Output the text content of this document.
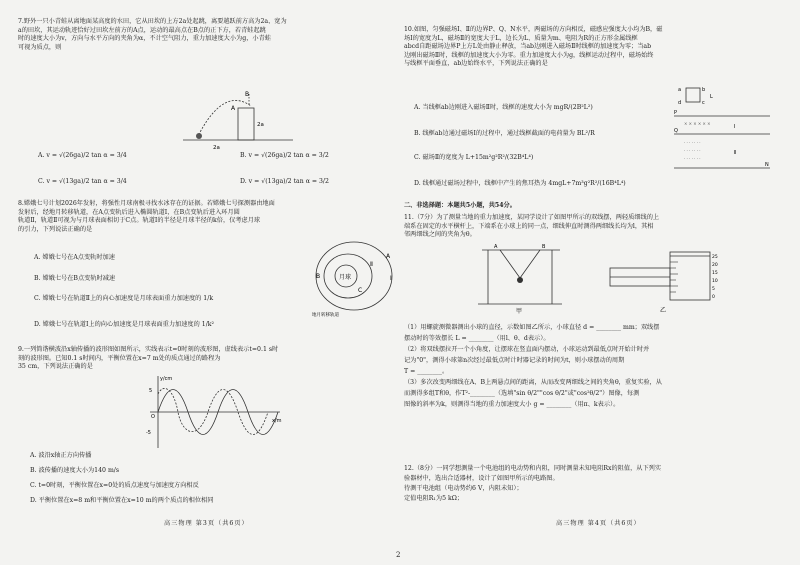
7.野外一只小青蛙从离地面某高度的水田，它从田坎的上方2a处起跳，离要越跃前方高为2a、宽为
a的田坎，其运动轨迹恰好过田坎左前方的A点，运动的最高点在B点的正下方，若青蛙起跳
时的速度大小为v，方向与水平方向的夹角为α，不计空气阻力，重力加速度大小为g，小青蛙
可视为质点，则
B
A
2a
2a
A. v = √(26ga)/2 tan α = 3/4	B. v = √(26ga)/2 tan α = 3/2
C. v = √(13ga)/2 tan α = 3/4	D. v = √(13ga)/2 tan α = 3/2
8.嫦娥七号计划2026年发射，将强性月球南极寻找水冰存在的证据。若嫦娥七号探测器由地面
发射后，经地月转移轨道，在A点变轨后进入椭圆轨道Ⅰ，在B点变轨后进入环月圆
轨道Ⅱ，轨道Ⅱ可视为与月球表面相切于C点。轨道Ⅰ的半径是月球半径的k倍，仅考虑月球
的引力，下列说法正确的是
月球
A
B
C
Ⅰ
Ⅱ
地月转移轨道
A. 嫦娥七号在A点变轨时加速
B. 嫦娥七号在B点变轨时减速
C. 嫦娥七号在轨道Ⅱ上的向心加速度是月球表面重力加速度的 1/k
D. 嫦娥七号在轨道Ⅰ上的向心加速度是月球表面重力加速度的 1/k²
9.一列简谐横波沿x轴传播的波形图如图所示，实线表示t=0时刻的波形图，虚线表示t=0.1 s时
刻的波形图。已知0.1 s时间内，平衡位置在x=7 m处的质点通过的路程为
35 cm，下列说法正确的是
y/cm
x/m
5
-5
O
A. 波沿x轴正方向传播
B. 波传播的速度大小为140 m/s
C. t=0时刻，平衡位置在x=0处的质点速度与加速度方向相反
D. 平衡位置在x=8 m和平衡位置在x=10 m的两个质点的相位相同
高三物理 第3页（共6页）
10.如图，匀强磁场Ⅰ、Ⅱ的边界P、Q、N水平，两磁场的方向相反，磁感应强度大小均为B，磁
场Ⅰ的宽度为L，磁场Ⅱ的宽度大于L，边长为L、质量为m、电阻为R的正方形金属线框
abcd自距磁场边界P上方L处由静止释放，当ab边刚进入磁场Ⅱ时线框的加速度为零；当ab
边刚出磁场Ⅱ时，线框的加速度大小为零。重力加速度大小为g，线框运动过程中，磁场始终
与线框平面垂直，ab边始终水平，下列说法正确的是
a	b
d	c
P
Q
N
Ⅰ
Ⅱ
L
× × × × × ×
· · · · · · ·
· · · · · · ·
· · · · · · ·
A. 当线框ab边刚进入磁场Ⅱ时，线框的速度大小为 mgR/(2B²L²)
B. 线框ab边通过磁场Ⅰ的过程中，通过线框截面的电荷量为 BL²/R
C. 磁场Ⅱ的宽度为 L+15m²g²R²/(32B⁴L⁴)
D. 线框通过磁场过程中，线框中产生的焦耳热为 4mgL+7m³g²R²/(16B⁴L⁴)
二、非选择题：本题共5小题，共54分。
11.（7分）为了测量当地的重力加速度，某同学设计了如图甲所示的双线摆，两轻质细线的上
端系在固定的水平横杆上，下端系在小球上的同一点，细线伸直时测得两细线长均为l，其相
邻两细线之间的夹角为θ。
A	B
甲
25
20
15
10
5
0
乙
（1）用螺旋测微器测出小球的直径，示数如图乙所示，小球直径 d = ________ mm；双线摆
摆动时的等效摆长 L = ________（用l、θ、d表示）。
（2）将双线摆拉开一个小角度，让摆球在竖直面内摆动，小球运动到最低点时开始计时并
记为"0"，测得小球第n次经过最低点时计时器记录的时间为t，则小球摆动的周期
T = ________。
（3）多次改变两细线在A、B上两悬点间的距离，从而改变两细线之间的夹角θ，重复实验，从
而测得多组T和θ，作T²-________（选填"sin θ/2""cos θ/2"或"cos²θ/2"）图像，每测
图像的斜率为k，则测得当地的重力加速度大小 g = ________（用π、k表示）。
12.（8分）一同学想测量一个电池组的电动势和内阻，同时测量未知电阻Rx的阻值，从下列实
验器材中，选出合适器材，设计了如图甲所示的电路图。
待测干电池组（电动势约6 V，内阻未知）；
定值电阻R₁为5 kΩ；
高三物理 第4页（共6页）
2
